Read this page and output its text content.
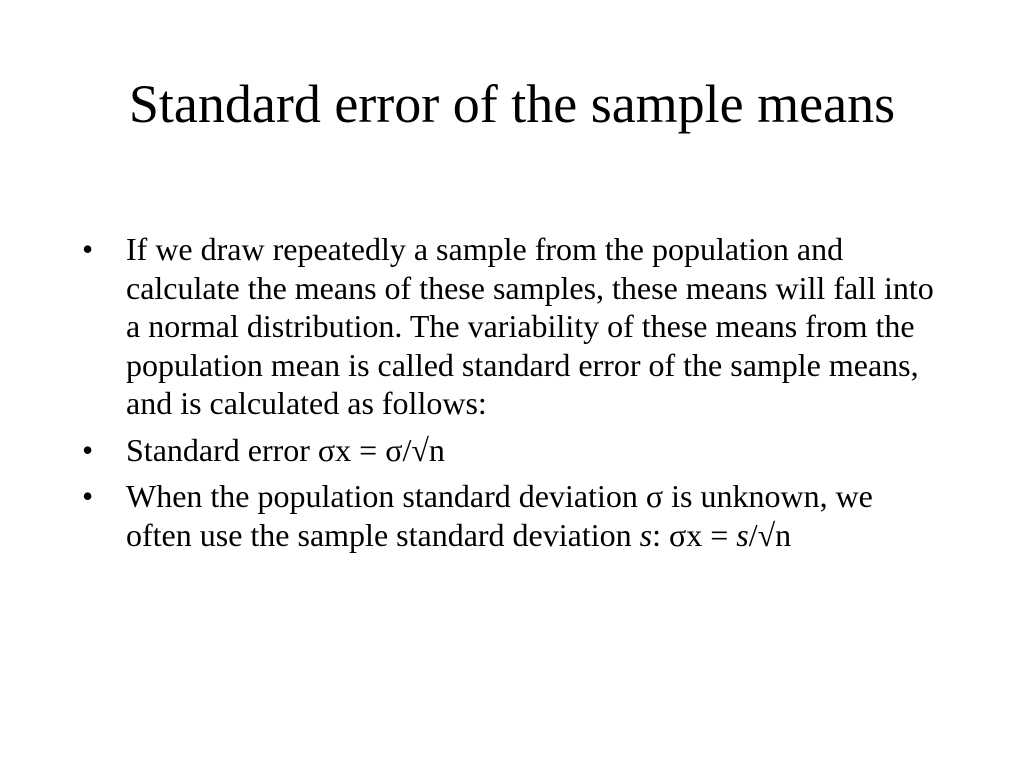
Standard error of the sample means
•	If we draw repeatedly a sample from the population and calculate the means of these samples, these means will fall into a normal distribution. The variability of these means from the population mean is called standard error of the sample means, and is calculated as follows:
•	Standard error σx = σ/√n
•	When the population standard deviation σ is unknown, we often use the sample standard deviation s: σx = s/√n
